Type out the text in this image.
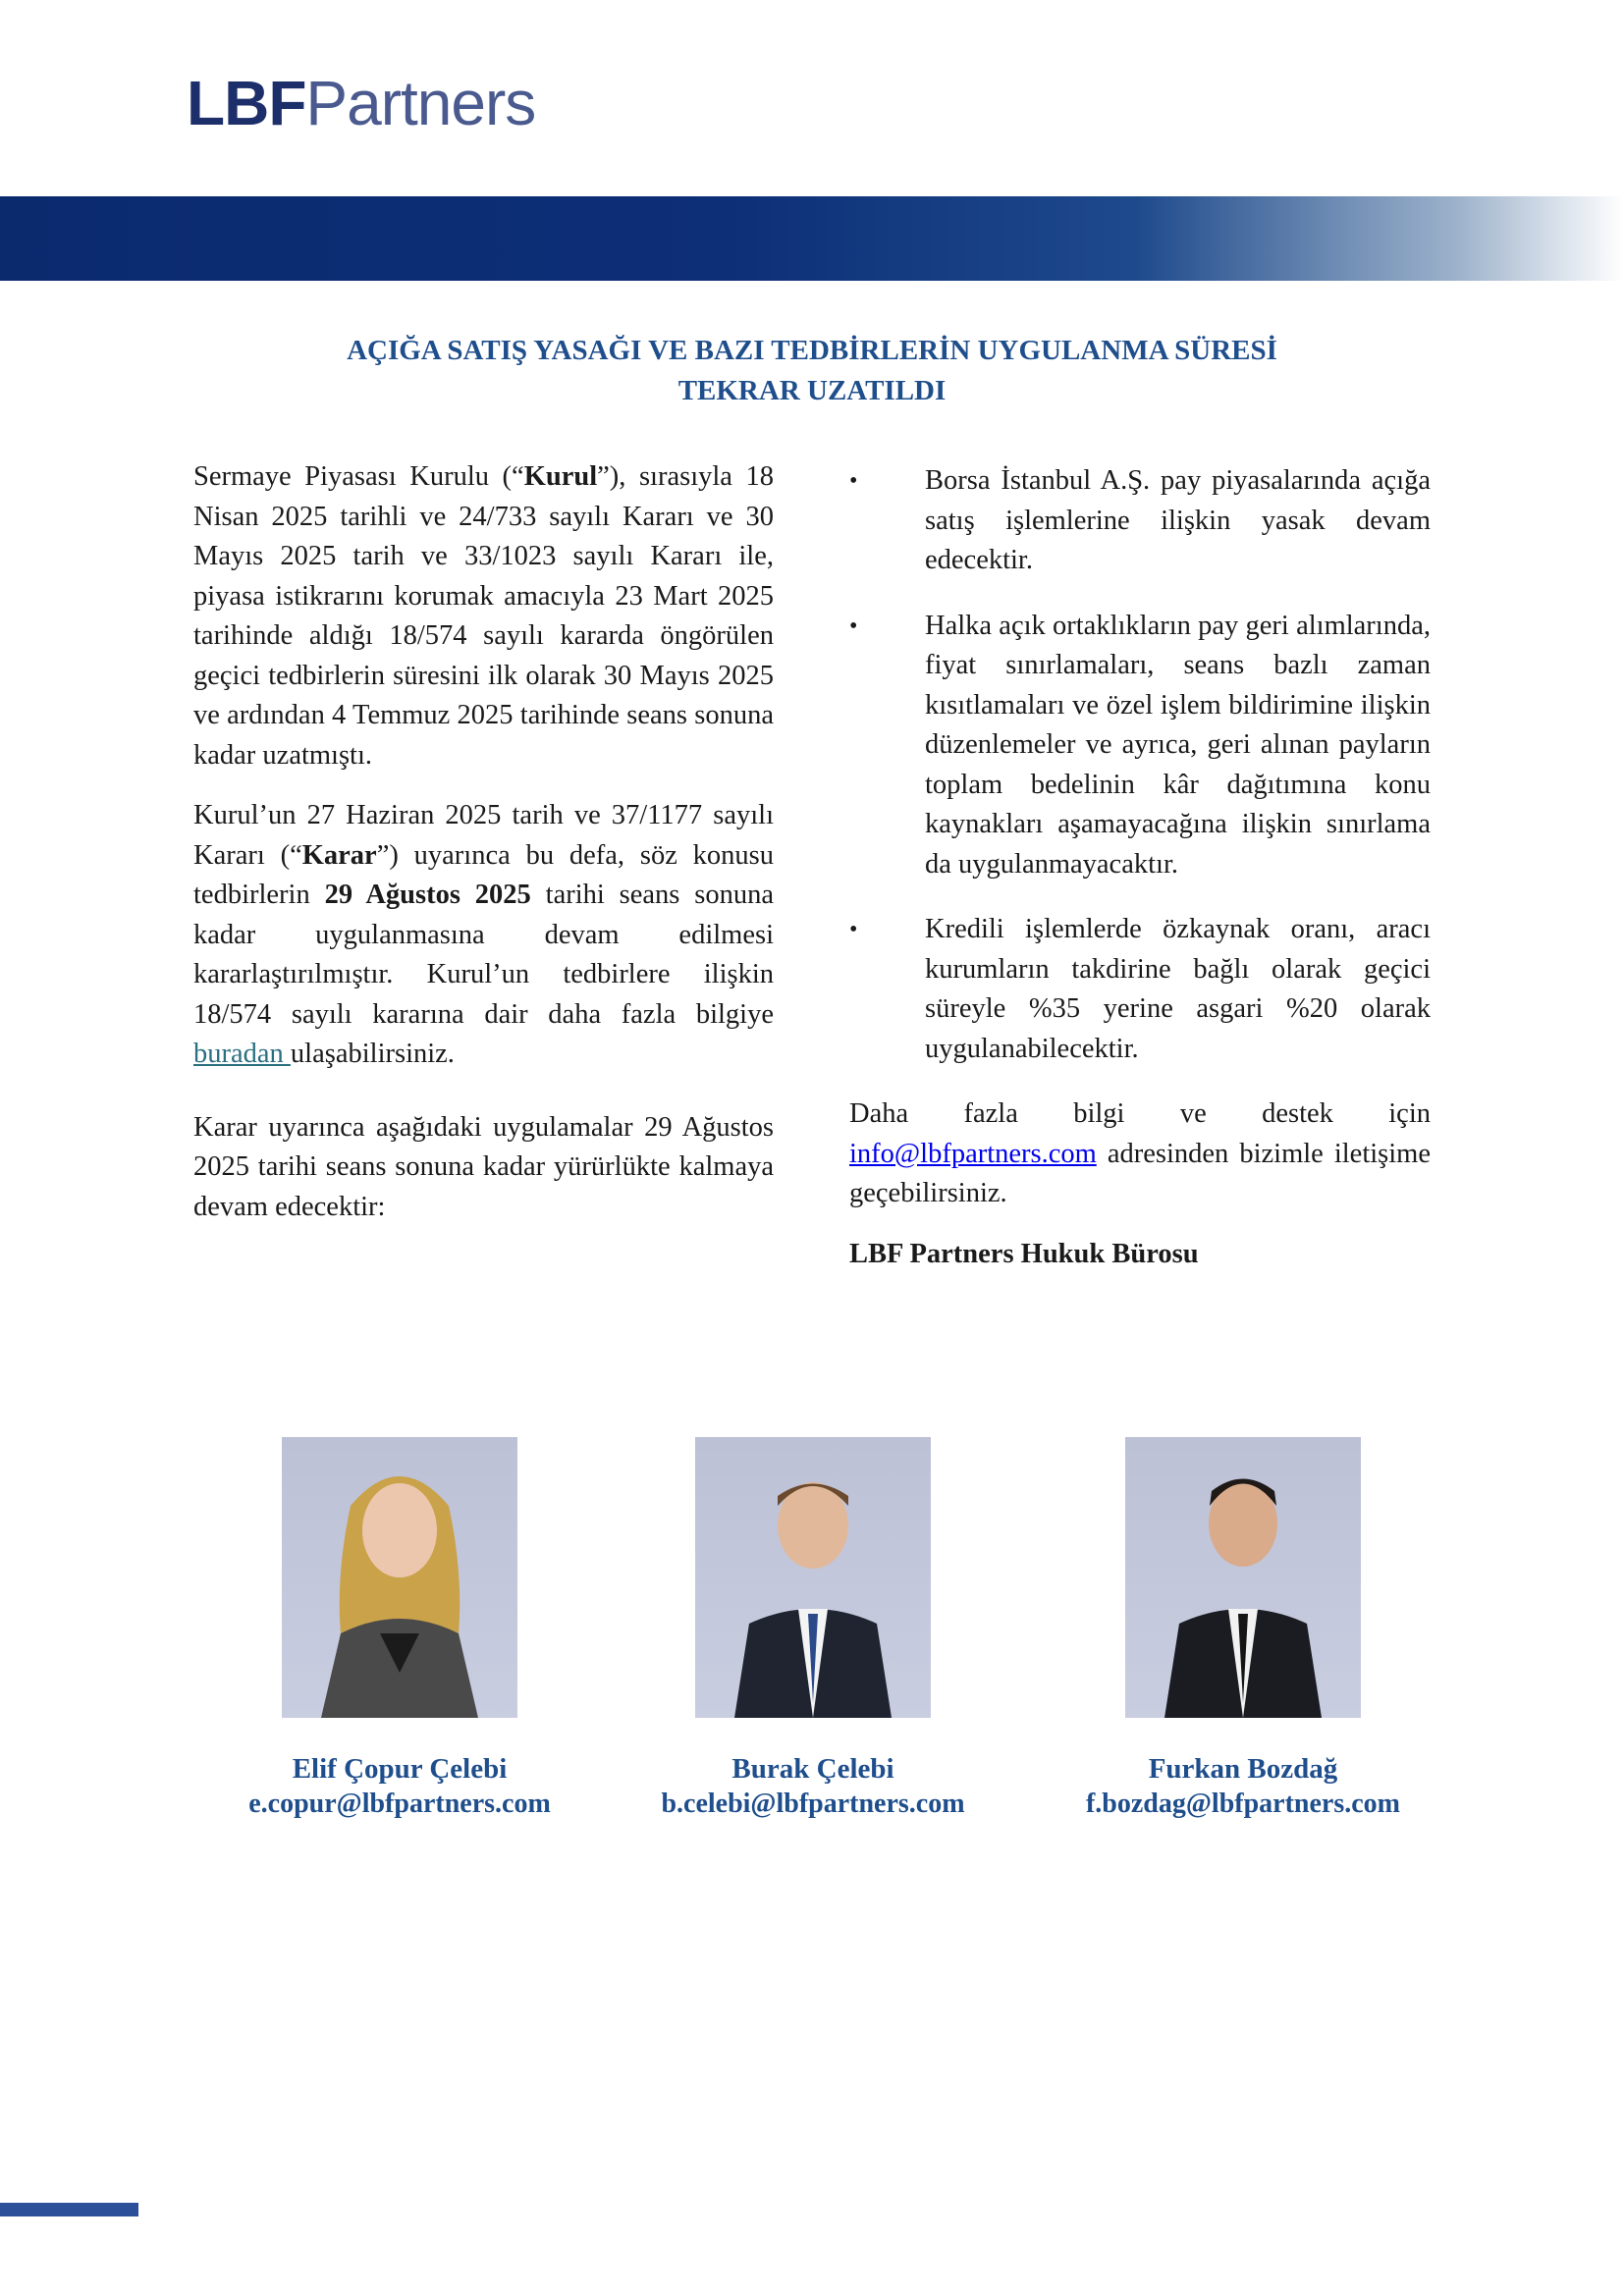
LBFPartners
AÇIĞA SATIŞ YASAĞI VE BAZI TEDBİRLERİN UYGULANMA SÜRESİ
TEKRAR UZATILDI

Sermaye Piyasası Kurulu (“Kurul”), sırasıyla 18 Nisan 2025 tarihli ve 24/733 sayılı Kararı ve 30 Mayıs 2025 tarih ve 33/1023 sayılı Kararı ile, piyasa istikrarını korumak amacıyla 23 Mart 2025 tarihinde aldığı 18/574 sayılı kararda öngörülen geçici tedbirlerin süresini ilk olarak 30 Mayıs 2025 ve ardından 4 Temmuz 2025 tarihinde seans sonuna kadar uzatmıştı.

Kurul’un 27 Haziran 2025 tarih ve 37/1177 sayılı Kararı (“Karar”) uyarınca bu defa, söz konusu tedbirlerin 29 Ağustos 2025 tarihi seans sonuna kadar uygulanmasına devam edilmesi kararlaştırılmıştır. Kurul’un tedbirlere ilişkin 18/574 sayılı kararına dair daha fazla bilgiye buradan ulaşabilirsiniz.

Karar uyarınca aşağıdaki uygulamalar 29 Ağustos 2025 tarihi seans sonuna kadar yürürlükte kalmaya devam edecektir:

• Borsa İstanbul A.Ş. pay piyasalarında açığa satış işlemlerine ilişkin yasak devam edecektir.
• Halka açık ortaklıkların pay geri alımlarında, fiyat sınırlamaları, seans bazlı zaman kısıtlamaları ve özel işlem bildirimine ilişkin düzenlemeler ve ayrıca, geri alınan payların toplam bedelinin kâr dağıtımına konu kaynakları aşamayacağına ilişkin sınırlama da uygulanmayacaktır.
• Kredili işlemlerde özkaynak oranı, aracı kurumların takdirine bağlı olarak geçici süreyle %35 yerine asgari %20 olarak uygulanabilecektir.

Daha fazla bilgi ve destek için info@lbfpartners.com adresinden bizimle iletişime geçebilirsiniz.

LBF Partners Hukuk Bürosu

Elif Çopur Çelebi
e.copur@lbfpartners.com
Burak Çelebi
b.celebi@lbfpartners.com
Furkan Bozdağ
f.bozdag@lbfpartners.com
